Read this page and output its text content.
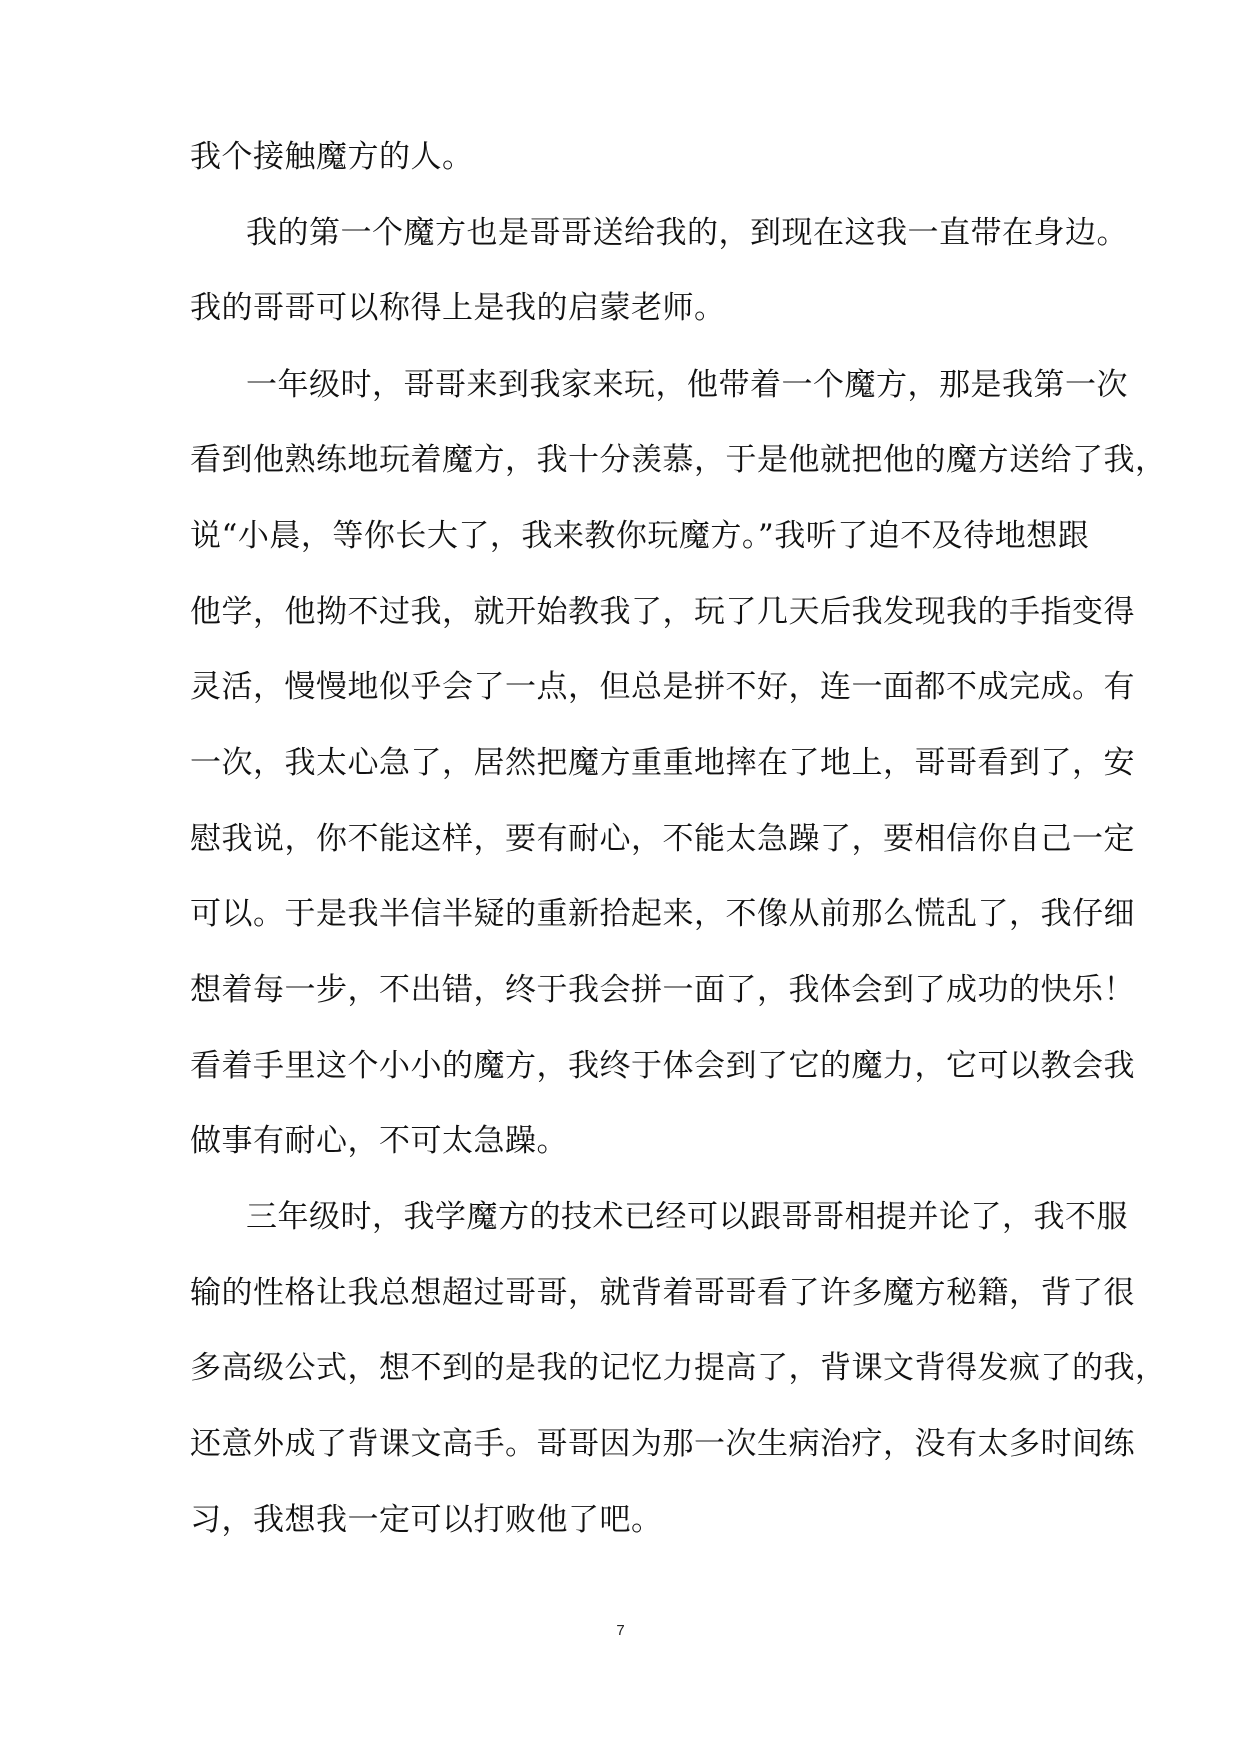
我个接触魔方的人。
我的第一个魔方也是哥哥送给我的，到现在这我一直带在身边。
我的哥哥可以称得上是我的启蒙老师。
一年级时，哥哥来到我家来玩，他带着一个魔方，那是我第一次
看到他熟练地玩着魔方，我十分羡慕，于是他就把他的魔方送给了我，
说“小晨，等你长大了，我来教你玩魔方。”我听了迫不及待地想跟
他学，他拗不过我，就开始教我了，玩了几天后我发现我的手指变得
灵活，慢慢地似乎会了一点，但总是拼不好，连一面都不成完成。有
一次，我太心急了，居然把魔方重重地摔在了地上，哥哥看到了，安
慰我说，你不能这样，要有耐心，不能太急躁了，要相信你自己一定
可以。于是我半信半疑的重新拾起来，不像从前那么慌乱了，我仔细
想着每一步，不出错，终于我会拼一面了，我体会到了成功的快乐！
看着手里这个小小的魔方，我终于体会到了它的魔力，它可以教会我
做事有耐心，不可太急躁。
三年级时，我学魔方的技术已经可以跟哥哥相提并论了，我不服
输的性格让我总想超过哥哥，就背着哥哥看了许多魔方秘籍，背了很
多高级公式，想不到的是我的记忆力提高了，背课文背得发疯了的我，
还意外成了背课文高手。哥哥因为那一次生病治疗，没有太多时间练
习，我想我一定可以打败他了吧。
7
